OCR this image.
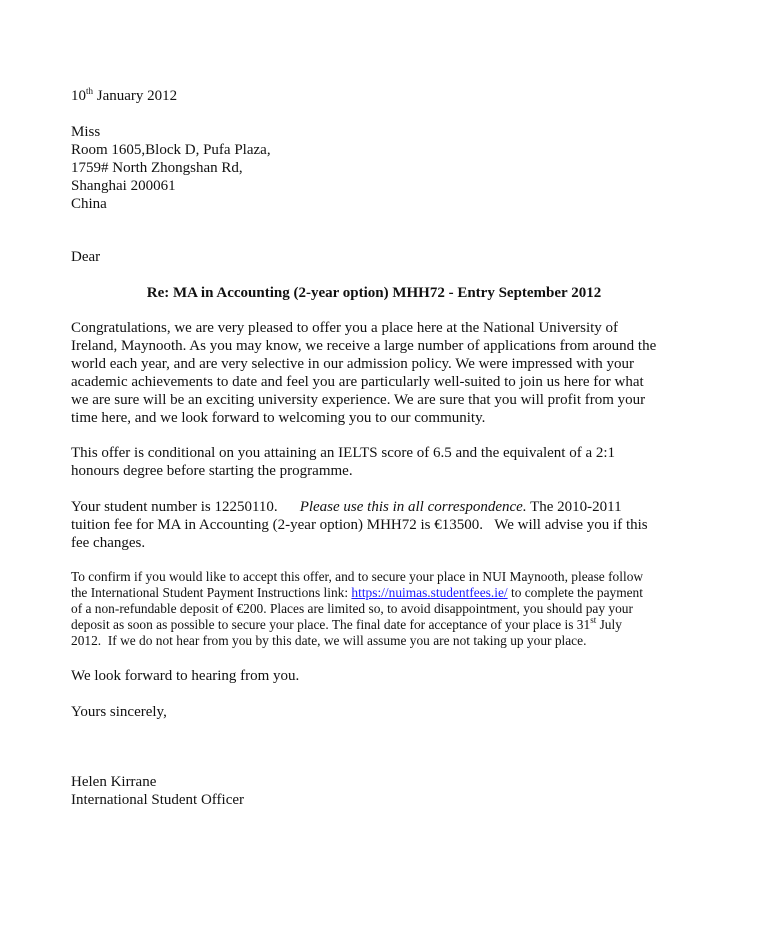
10th January 2012
Miss
Room 1605,Block D, Pufa Plaza,
1759# North Zhongshan Rd,
Shanghai 200061
China
Dear
Re: MA in Accounting (2-year option) MHH72 - Entry September 2012
Congratulations, we are very pleased to offer you a place here at the National University of
Ireland, Maynooth. As you may know, we receive a large number of applications from around the
world each year, and are very selective in our admission policy. We were impressed with your
academic achievements to date and feel you are particularly well-suited to join us here for what
we are sure will be an exciting university experience. We are sure that you will profit from your
time here, and we look forward to welcoming you to our community.
This offer is conditional on you attaining an IELTS score of 6.5 and the equivalent of a 2:1
honours degree before starting the programme.
Your student number is 12250110. Please use this in all correspondence. The 2010-2011
tuition fee for MA in Accounting (2-year option) MHH72 is €13500.   We will advise you if this
fee changes.
To confirm if you would like to accept this offer, and to secure your place in NUI Maynooth, please follow
the International Student Payment Instructions link: https://nuimas.studentfees.ie/ to complete the payment
of a non-refundable deposit of €200. Places are limited so, to avoid disappointment, you should pay your
deposit as soon as possible to secure your place. The final date for acceptance of your place is 31st July
2012.  If we do not hear from you by this date, we will assume you are not taking up your place.
We look forward to hearing from you.
Yours sincerely,
Helen Kirrane
International Student Officer
